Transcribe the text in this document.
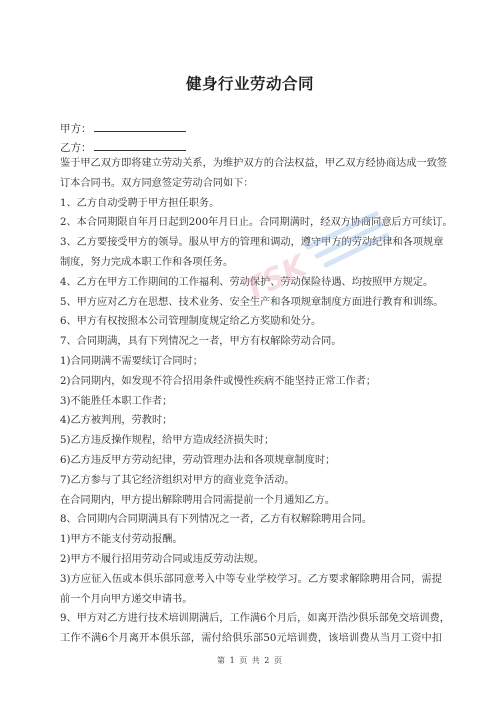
健身行业劳动合同
甲方：
乙方：
鉴于甲乙双方即将建立劳动关系，为维护双方的合法权益，甲乙双方经协商达成一致签
订本合同书。双方同意签定劳动合同如下：
1、乙方自动受聘于甲方担任职务。
2、本合同期限自年月日起到200年月日止。合同期满时，经双方协商同意后方可续订。
3、乙方要接受甲方的领导。服从甲方的管理和调动，遵守甲方的劳动纪律和各项规章
制度，努力完成本职工作和各项任务。
4、乙方在甲方工作期间的工作福利、劳动保护、劳动保险待遇、均按照甲方规定。
5、甲方应对乙方在思想、技术业务、安全生产和各项规章制度方面进行教育和训练。
6、甲方有权按照本公司管理制度规定给乙方奖励和处分。
7、合同期满，具有下列情况之一者，甲方有权解除劳动合同。
1)合同期满不需要续订合同时；
2)合同期内，如发现不符合招用条件或慢性疾病不能坚持正常工作者；
3)不能胜任本职工作者；
4)乙方被判刑，劳教时；
5)乙方违反操作规程，给甲方造成经济损失时；
6)乙方违反甲方劳动纪律，劳动管理办法和各项规章制度时；
7)乙方参与了其它经济组织对甲方的商业竞争活动。
在合同期内，甲方提出解除聘用合同需提前一个月通知乙方。
8、合同期内合同期满具有下列情况之一者，乙方有权解除聘用合同。
1)甲方不能支付劳动报酬。
2)甲方不履行招用劳动合同或违反劳动法规。
3)方应征入伍或本俱乐部同意考入中等专业学校学习。乙方要求解除聘用合同，需提
前一个月向甲方递交申请书。
9、甲方对乙方进行技术培训期满后，工作满6个月后，如离开浩沙俱乐部免交培训费，
工作不满6个月离开本俱乐部，需付给俱乐部50元培训费，该培训费从当月工资中扣
TSK
第 1 页 共 2 页
